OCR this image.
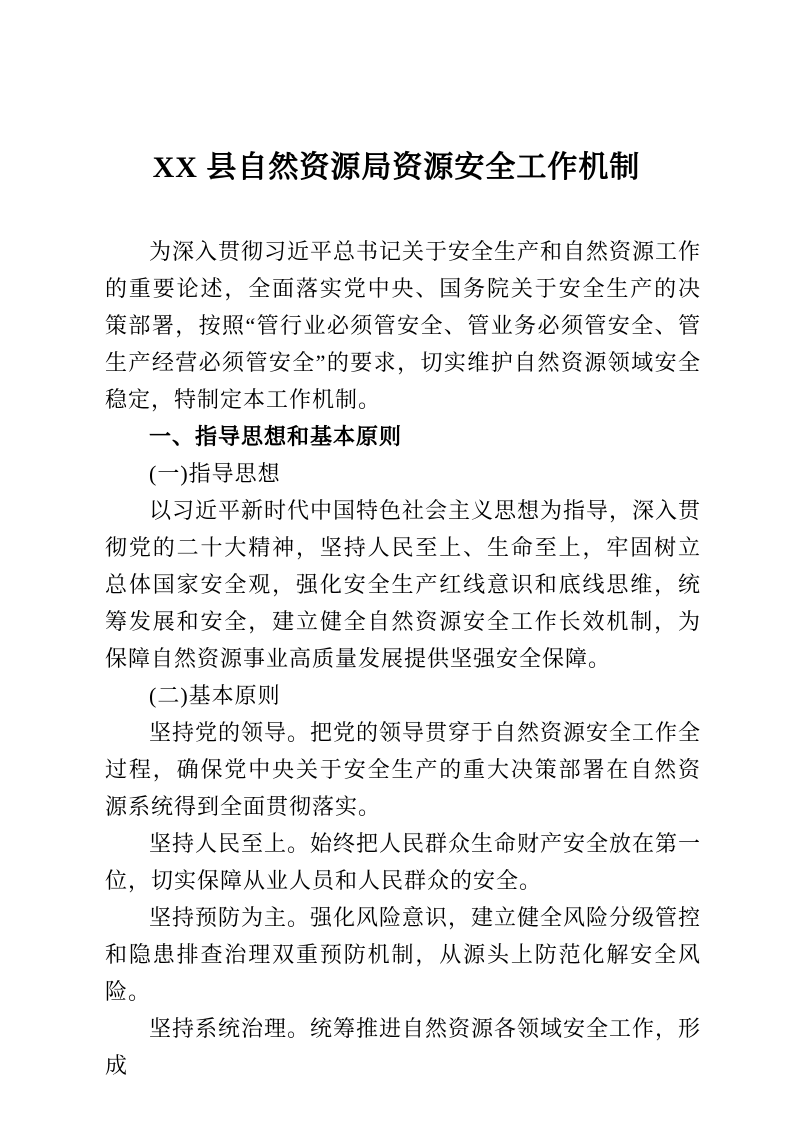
XX 县自然资源局资源安全工作机制

为深入贯彻习近平总书记关于安全生产和自然资源工作的重要论述，全面落实党中央、国务院关于安全生产的决策部署，按照“管行业必须管安全、管业务必须管安全、管生产经营必须管安全”的要求，切实维护自然资源领域安全稳定，特制定本工作机制。

一、指导思想和基本原则

(一)指导思想

以习近平新时代中国特色社会主义思想为指导，深入贯彻党的二十大精神，坚持人民至上、生命至上，牢固树立总体国家安全观，强化安全生产红线意识和底线思维，统筹发展和安全，建立健全自然资源安全工作长效机制，为保障自然资源事业高质量发展提供坚强安全保障。

(二)基本原则

坚持党的领导。把党的领导贯穿于自然资源安全工作全过程，确保党中央关于安全生产的重大决策部署在自然资源系统得到全面贯彻落实。

坚持人民至上。始终把人民群众生命财产安全放在第一位，切实保障从业人员和人民群众的安全。

坚持预防为主。强化风险意识，建立健全风险分级管控和隐患排查治理双重预防机制，从源头上防范化解安全风险。

坚持系统治理。统筹推进自然资源各领域安全工作，形成
